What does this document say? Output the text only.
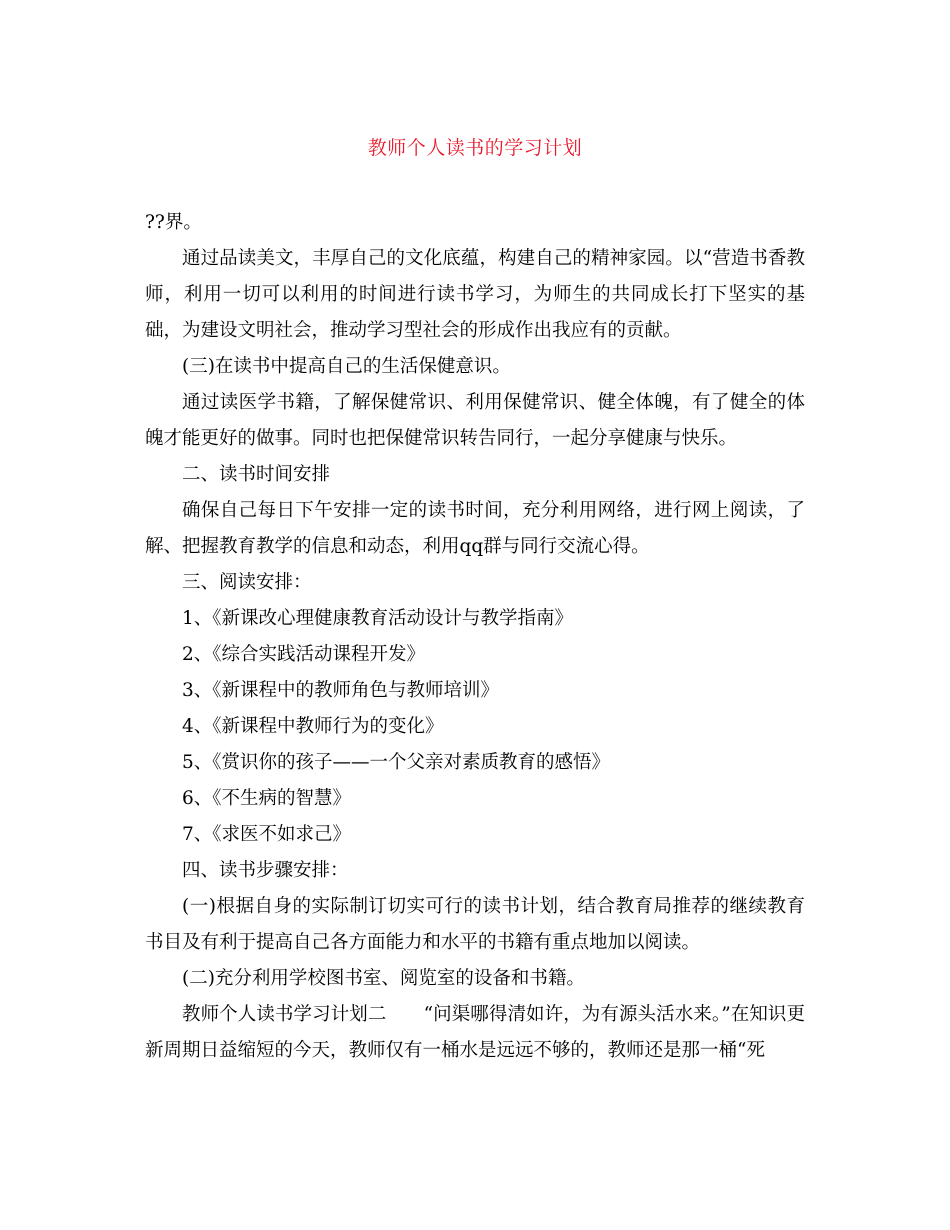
教师个人读书的学习计划

??界。

通过品读美文，丰厚自己的文化底蕴，构建自己的精神家园。以“营造书香教师，利用一切可以利用的时间进行读书学习，为师生的共同成长打下坚实的基础，为建设文明社会，推动学习型社会的形成作出我应有的贡献。

(三)在读书中提高自己的生活保健意识。

通过读医学书籍，了解保健常识、利用保健常识、健全体魄，有了健全的体魄才能更好的做事。同时也把保健常识转告同行，一起分享健康与快乐。

二、读书时间安排

确保自己每日下午安排一定的读书时间，充分利用网络，进行网上阅读，了解、把握教育教学的信息和动态，利用qq群与同行交流心得。

三、阅读安排：

1、《新课改心理健康教育活动设计与教学指南》

2、《综合实践活动课程开发》

3、《新课程中的教师角色与教师培训》

4、《新课程中教师行为的变化》

5、《赏识你的孩子——一个父亲对素质教育的感悟》

6、《不生病的智慧》

7、《求医不如求己》

四、读书步骤安排：

(一)根据自身的实际制订切实可行的读书计划，结合教育局推荐的继续教育书目及有利于提高自己各方面能力和水平的书籍有重点地加以阅读。

(二)充分利用学校图书室、阅览室的设备和书籍。

教师个人读书学习计划二　　“问渠哪得清如许，为有源头活水来。”在知识更新周期日益缩短的今天，教师仅有一桶水是远远不够的，教师还是那一桶“死
